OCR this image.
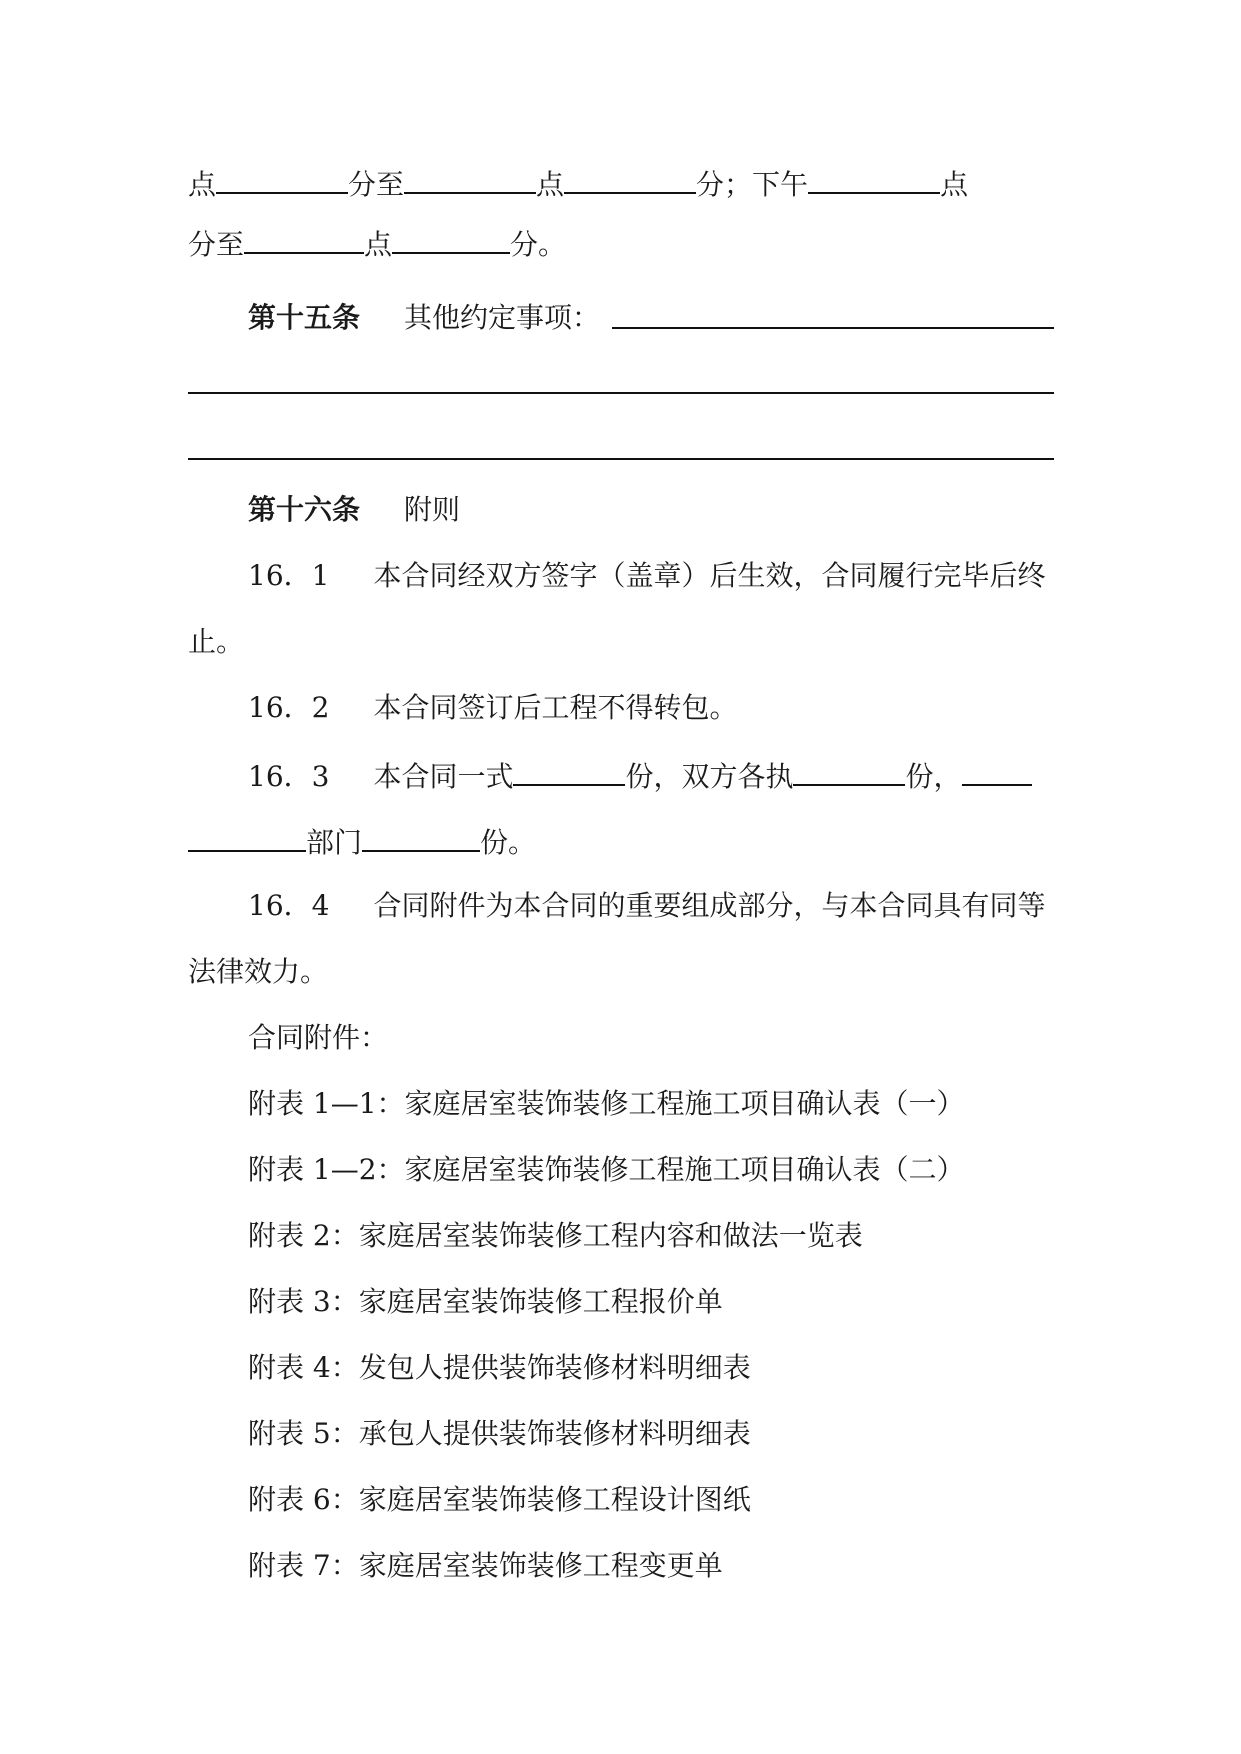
点	分至	点	分；下午	点
分至	点	分。
第十五条 其他约定事项：
第十六条 附则
16．1 本合同经双方签字（盖章）后生效，合同履行完毕后终
止。
16．2 本合同签订后工程不得转包。
16．3 本合同一式	份，双方各执	份，
部门	份。
16．4 合同附件为本合同的重要组成部分，与本合同具有同等
法律效力。
合同附件：
附表 1—1：家庭居室装饰装修工程施工项目确认表（一）
附表 1—2：家庭居室装饰装修工程施工项目确认表（二）
附表 2：家庭居室装饰装修工程内容和做法一览表
附表 3：家庭居室装饰装修工程报价单
附表 4：发包人提供装饰装修材料明细表
附表 5：承包人提供装饰装修材料明细表
附表 6：家庭居室装饰装修工程设计图纸
附表 7：家庭居室装饰装修工程变更单
